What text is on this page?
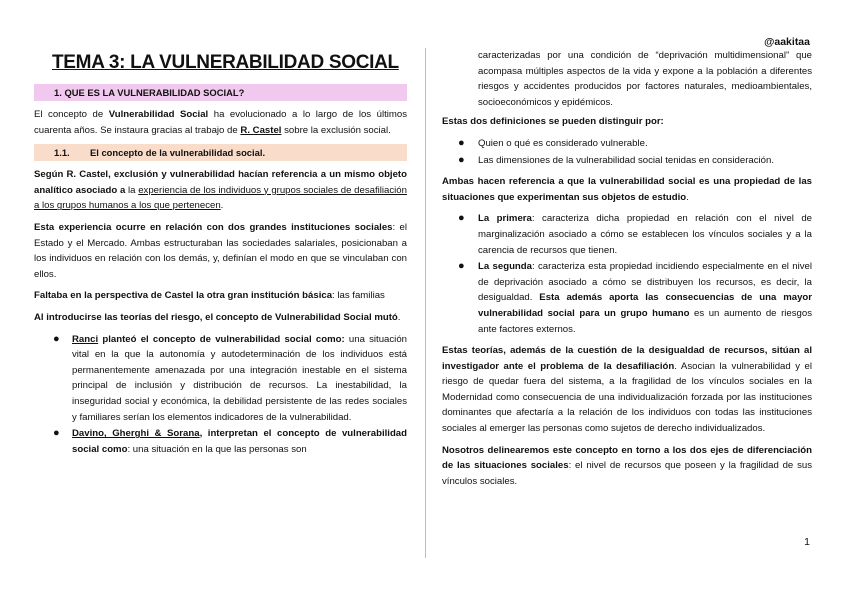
@aakitaa
TEMA 3: LA VULNERABILIDAD SOCIAL
1. QUE ES LA VULNERABILIDAD SOCIAL?

El concepto de Vulnerabilidad Social ha evolucionado a lo largo de los últimos cuarenta años. Se instaura gracias al trabajo de R. Castel sobre la exclusión social.

1.1. El concepto de la vulnerabilidad social.

Según R. Castel, exclusión y vulnerabilidad hacían referencia a un mismo objeto analítico asociado a la experiencia de los individuos y grupos sociales de desafiliación a los grupos humanos a los que pertenecen.

Esta experiencia ocurre en relación con dos grandes instituciones sociales: el Estado y el Mercado. Ambas estructuraban las sociedades salariales, posicionaban a los individuos en relación con los demás, y, definían el modo en que se vinculaban con ellos.

Faltaba en la perspectiva de Castel la otra gran institución básica: las familias

Al introducirse las teorías del riesgo, el concepto de Vulnerabilidad Social mutó.

● Ranci planteó el concepto de vulnerabilidad social como: una situación vital en la que la autonomía y autodeterminación de los individuos está permanentemente amenazada por una integración inestable en el sistema principal de inclusión y distribución de recursos. La inestabilidad, la inseguridad social y económica, la debilidad persistente de las redes sociales y familiares serían los elementos indicadores de la vulnerabilidad.
● Davino, Gherghi & Sorana, interpretan el concepto de vulnerabilidad social como: una situación en la que las personas son
caracterizadas por una condición de “deprivación multidimensional” que acompasa múltiples aspectos de la vida y expone a la población a diferentes riesgos y accidentes producidos por factores naturales, medioambientales, socioeconómicos y epidémicos.

Estas dos definiciones se pueden distinguir por:

● Quien o qué es considerado vulnerable.
● Las dimensiones de la vulnerabilidad social tenidas en consideración.

Ambas hacen referencia a que la vulnerabilidad social es una propiedad de las situaciones que experimentan sus objetos de estudio.

● La primera: caracteriza dicha propiedad en relación con el nivel de marginalización asociado a cómo se establecen los vínculos sociales y a la carencia de recursos que tienen.
● La segunda: caracteriza esta propiedad incidiendo especialmente en el nivel de deprivación asociado a cómo se distribuyen los recursos, es decir, la desigualdad. Esta además aporta las consecuencias de una mayor vulnerabilidad social para un grupo humano es un aumento de riesgos ante factores externos.

Estas teorías, además de la cuestión de la desigualdad de recursos, sitúan al investigador ante el problema de la desafiliación. Asocian la vulnerabilidad y el riesgo de quedar fuera del sistema, a la fragilidad de los vínculos sociales en la Modernidad como consecuencia de una individualización forzada por las instituciones dominantes que afectaría a la relación de los individuos con todas las instituciones sociales al emerger las personas como sujetos de derecho individualizados.

Nosotros delinearemos este concepto en torno a los dos ejes de diferenciación de las situaciones sociales: el nivel de recursos que poseen y la fragilidad de sus vínculos sociales.

1
